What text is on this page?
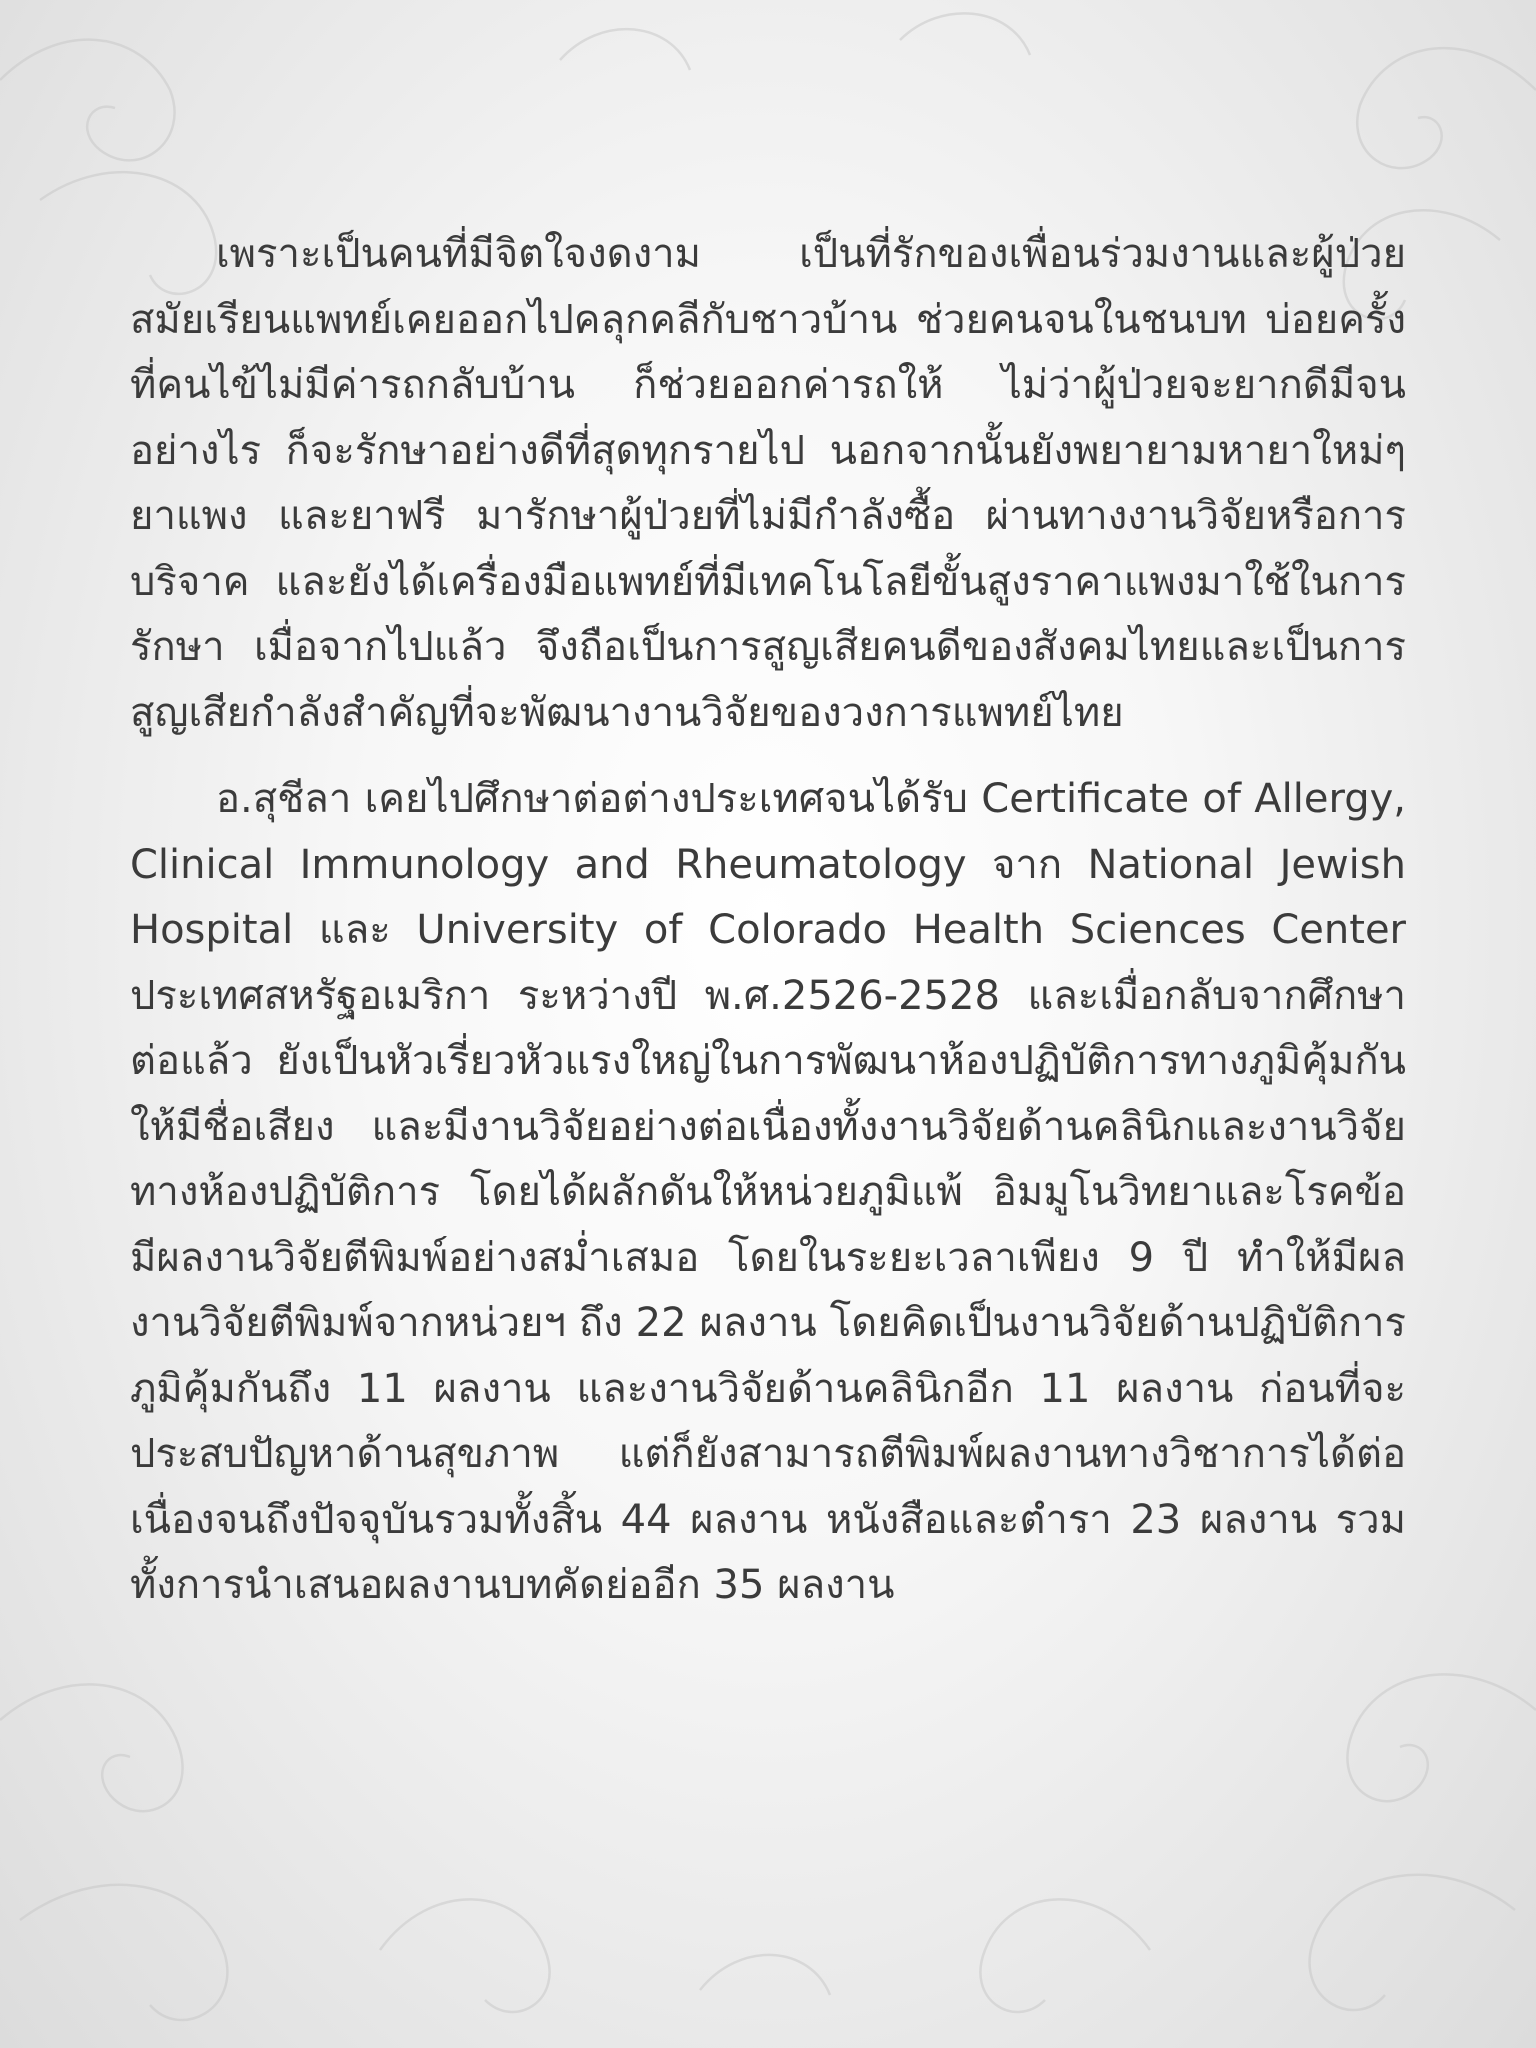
เพราะเป็นคนที่มีจิตใจงดงาม เป็นที่รักของเพื่อนร่วมงานและผู้ป่วย สมัยเรียนแพทย์เคยออกไปคลุกคลีกับชาวบ้าน ช่วยคนจนในชนบท บ่อยครั้งที่คนไข้ไม่มีค่ารถกลับบ้าน ก็ช่วยออกค่ารถให้ ไม่ว่าผู้ป่วยจะยากดีมีจนอย่างไร ก็จะรักษาอย่างดีที่สุดทุกรายไป นอกจากนั้นยังพยายามหายาใหม่ๆ ยาแพง และยาฟรี มารักษาผู้ป่วยที่ไม่มีกำลังซื้อ ผ่านทางงานวิจัยหรือการบริจาค และยังได้เครื่องมือแพทย์ที่มีเทคโนโลยีขั้นสูงราคาแพงมาใช้ในการรักษา เมื่อจากไปแล้ว จึงถือเป็นการสูญเสียคนดีของสังคมไทยและเป็นการสูญเสียกำลังสำคัญที่จะพัฒนางานวิจัยของวงการแพทย์ไทย

อ.สุชีลา เคยไปศึกษาต่อต่างประเทศจนได้รับ Certificate of Allergy, Clinical Immunology and Rheumatology จาก National Jewish Hospital และ University of Colorado Health Sciences Center ประเทศสหรัฐอเมริกา ระหว่างปี พ.ศ.2526-2528 และเมื่อกลับจากศึกษาต่อแล้ว ยังเป็นหัวเรี่ยวหัวแรงใหญ่ในการพัฒนาห้องปฏิบัติการทางภูมิคุ้มกันให้มีชื่อเสียง และมีงานวิจัยอย่างต่อเนื่องทั้งงานวิจัยด้านคลินิกและงานวิจัยทางห้องปฏิบัติการ โดยได้ผลักดันให้หน่วยภูมิแพ้ อิมมูโนวิทยาและโรคข้อ มีผลงานวิจัยตีพิมพ์อย่างสม่ำเสมอ โดยในระยะเวลาเพียง 9 ปี ทำให้มีผลงานวิจัยตีพิมพ์จากหน่วยฯ ถึง 22 ผลงาน โดยคิดเป็นงานวิจัยด้านปฏิบัติการภูมิคุ้มกันถึง 11 ผลงาน และงานวิจัยด้านคลินิกอีก 11 ผลงาน ก่อนที่จะประสบปัญหาด้านสุขภาพ แต่ก็ยังสามารถตีพิมพ์ผลงานทางวิชาการได้ต่อเนื่องจนถึงปัจจุบันรวมทั้งสิ้น 44 ผลงาน หนังสือและตำรา 23 ผลงาน รวมทั้งการนำเสนอผลงานบทคัดย่ออีก 35 ผลงาน
